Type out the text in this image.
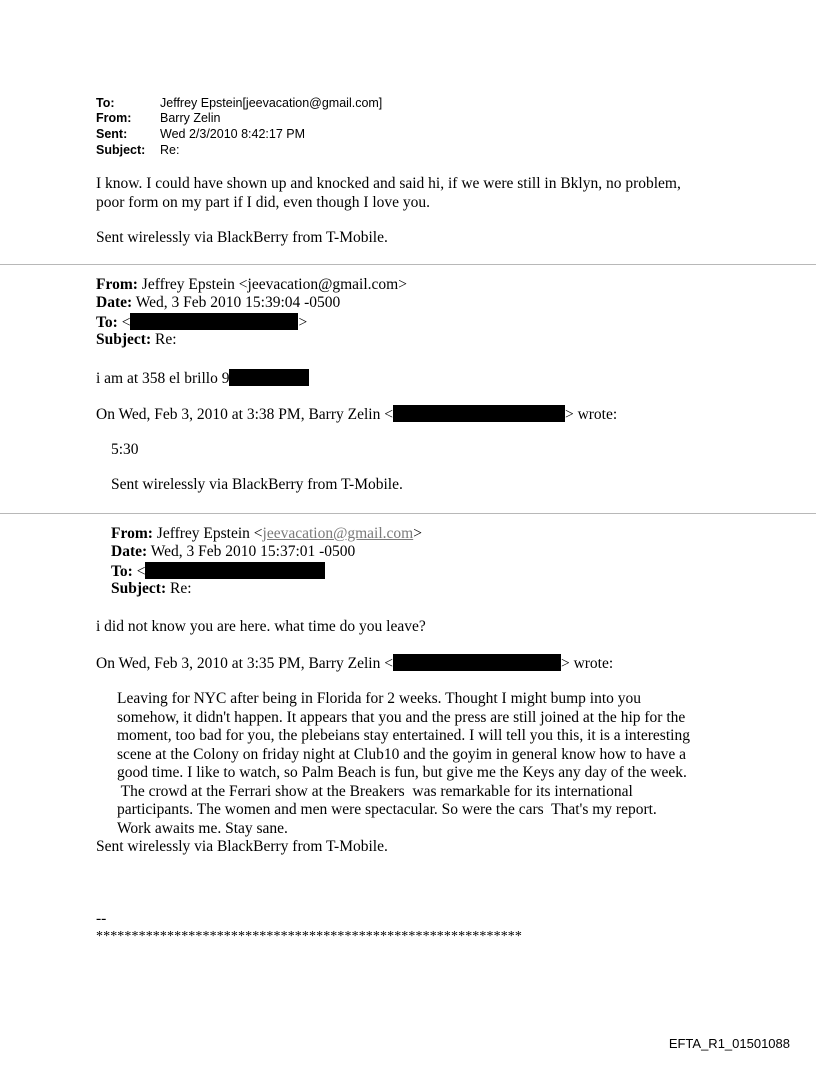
To:	Jeffrey Epstein[jeevacation@gmail.com]
From: Barry Zelin
Sent:	Wed 2/3/2010 8:42:17 PM
Subject: Re:
I know. I could have shown up and knocked and said hi, if we were still in Bklyn, no problem,
poor form on my part if I did, even though I love you.
Sent wirelessly via BlackBerry from T-Mobile.
From: Jeffrey Epstein <jeevacation@gmail.com>
Date: Wed, 3 Feb 2010 15:39:04 -0500
To: <	>
Subject: Re:
i am at 358 el brillo 9
On Wed, Feb 3, 2010 at 3:38 PM, Barry Zelin <	> wrote:
5:30
Sent wirelessly via BlackBerry from T-Mobile.
From: Jeffrey Epstein <jeevacation@gmail.com>
Date: Wed, 3 Feb 2010 15:37:01 -0500
To: <
Subject: Re:
i did not know you are here. what time do you leave?
On Wed, Feb 3, 2010 at 3:35 PM, Barry Zelin <	> wrote:
Leaving for NYC after being in Florida for 2 weeks. Thought I might bump into you
somehow, it didn't happen. It appears that you and the press are still joined at the hip for the
moment, too bad for you, the plebeians stay entertained. I will tell you this, it is a interesting
scene at the Colony on friday night at Club10 and the goyim in general know how to have a
good time. I like to watch, so Palm Beach is fun, but give me the Keys any day of the week.
The crowd at the Ferrari show at the Breakers  was remarkable for its international
participants. The women and men were spectacular. So were the cars  That's my report.
Work awaits me. Stay sane.
Sent wirelessly via BlackBerry from T-Mobile.
--
************************************************************
EFTA_R1_01501088
